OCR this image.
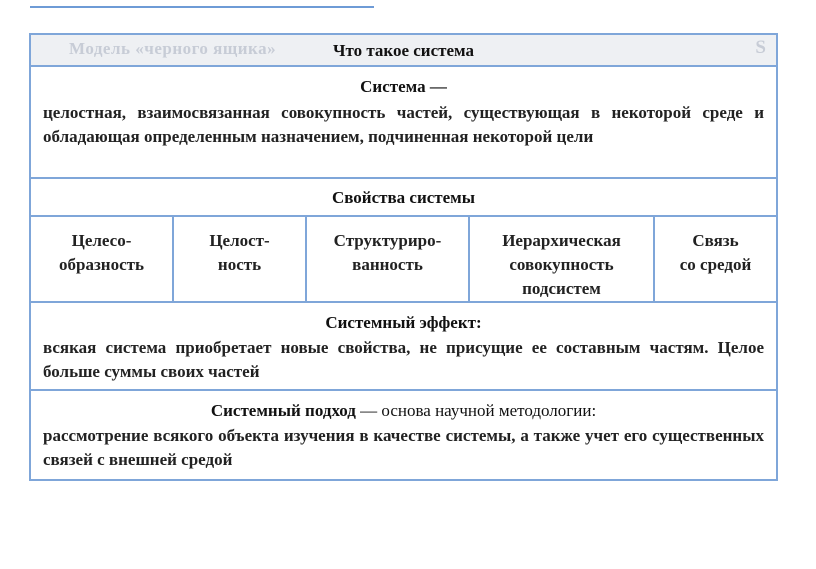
Модель «черного ящика»	S
Что такое система
Система —
целостная, взаимосвязанная совокупность частей, существующая в некоторой среде и обладающая определенным назначением, подчиненная некоторой цели
Свойства системы
Целесо-
образность
Целост-
ность
Структуриро-
ванность
Иерархическая
совокупность
подсистем
Связь
со средой
Системный эффект:
всякая система приобретает новые свойства, не присущие ее составным частям. Целое больше суммы своих частей
Системный подход — основа научной методологии:
рассмотрение всякого объекта изучения в качестве системы, а также учет его существенных связей с внешней средой
